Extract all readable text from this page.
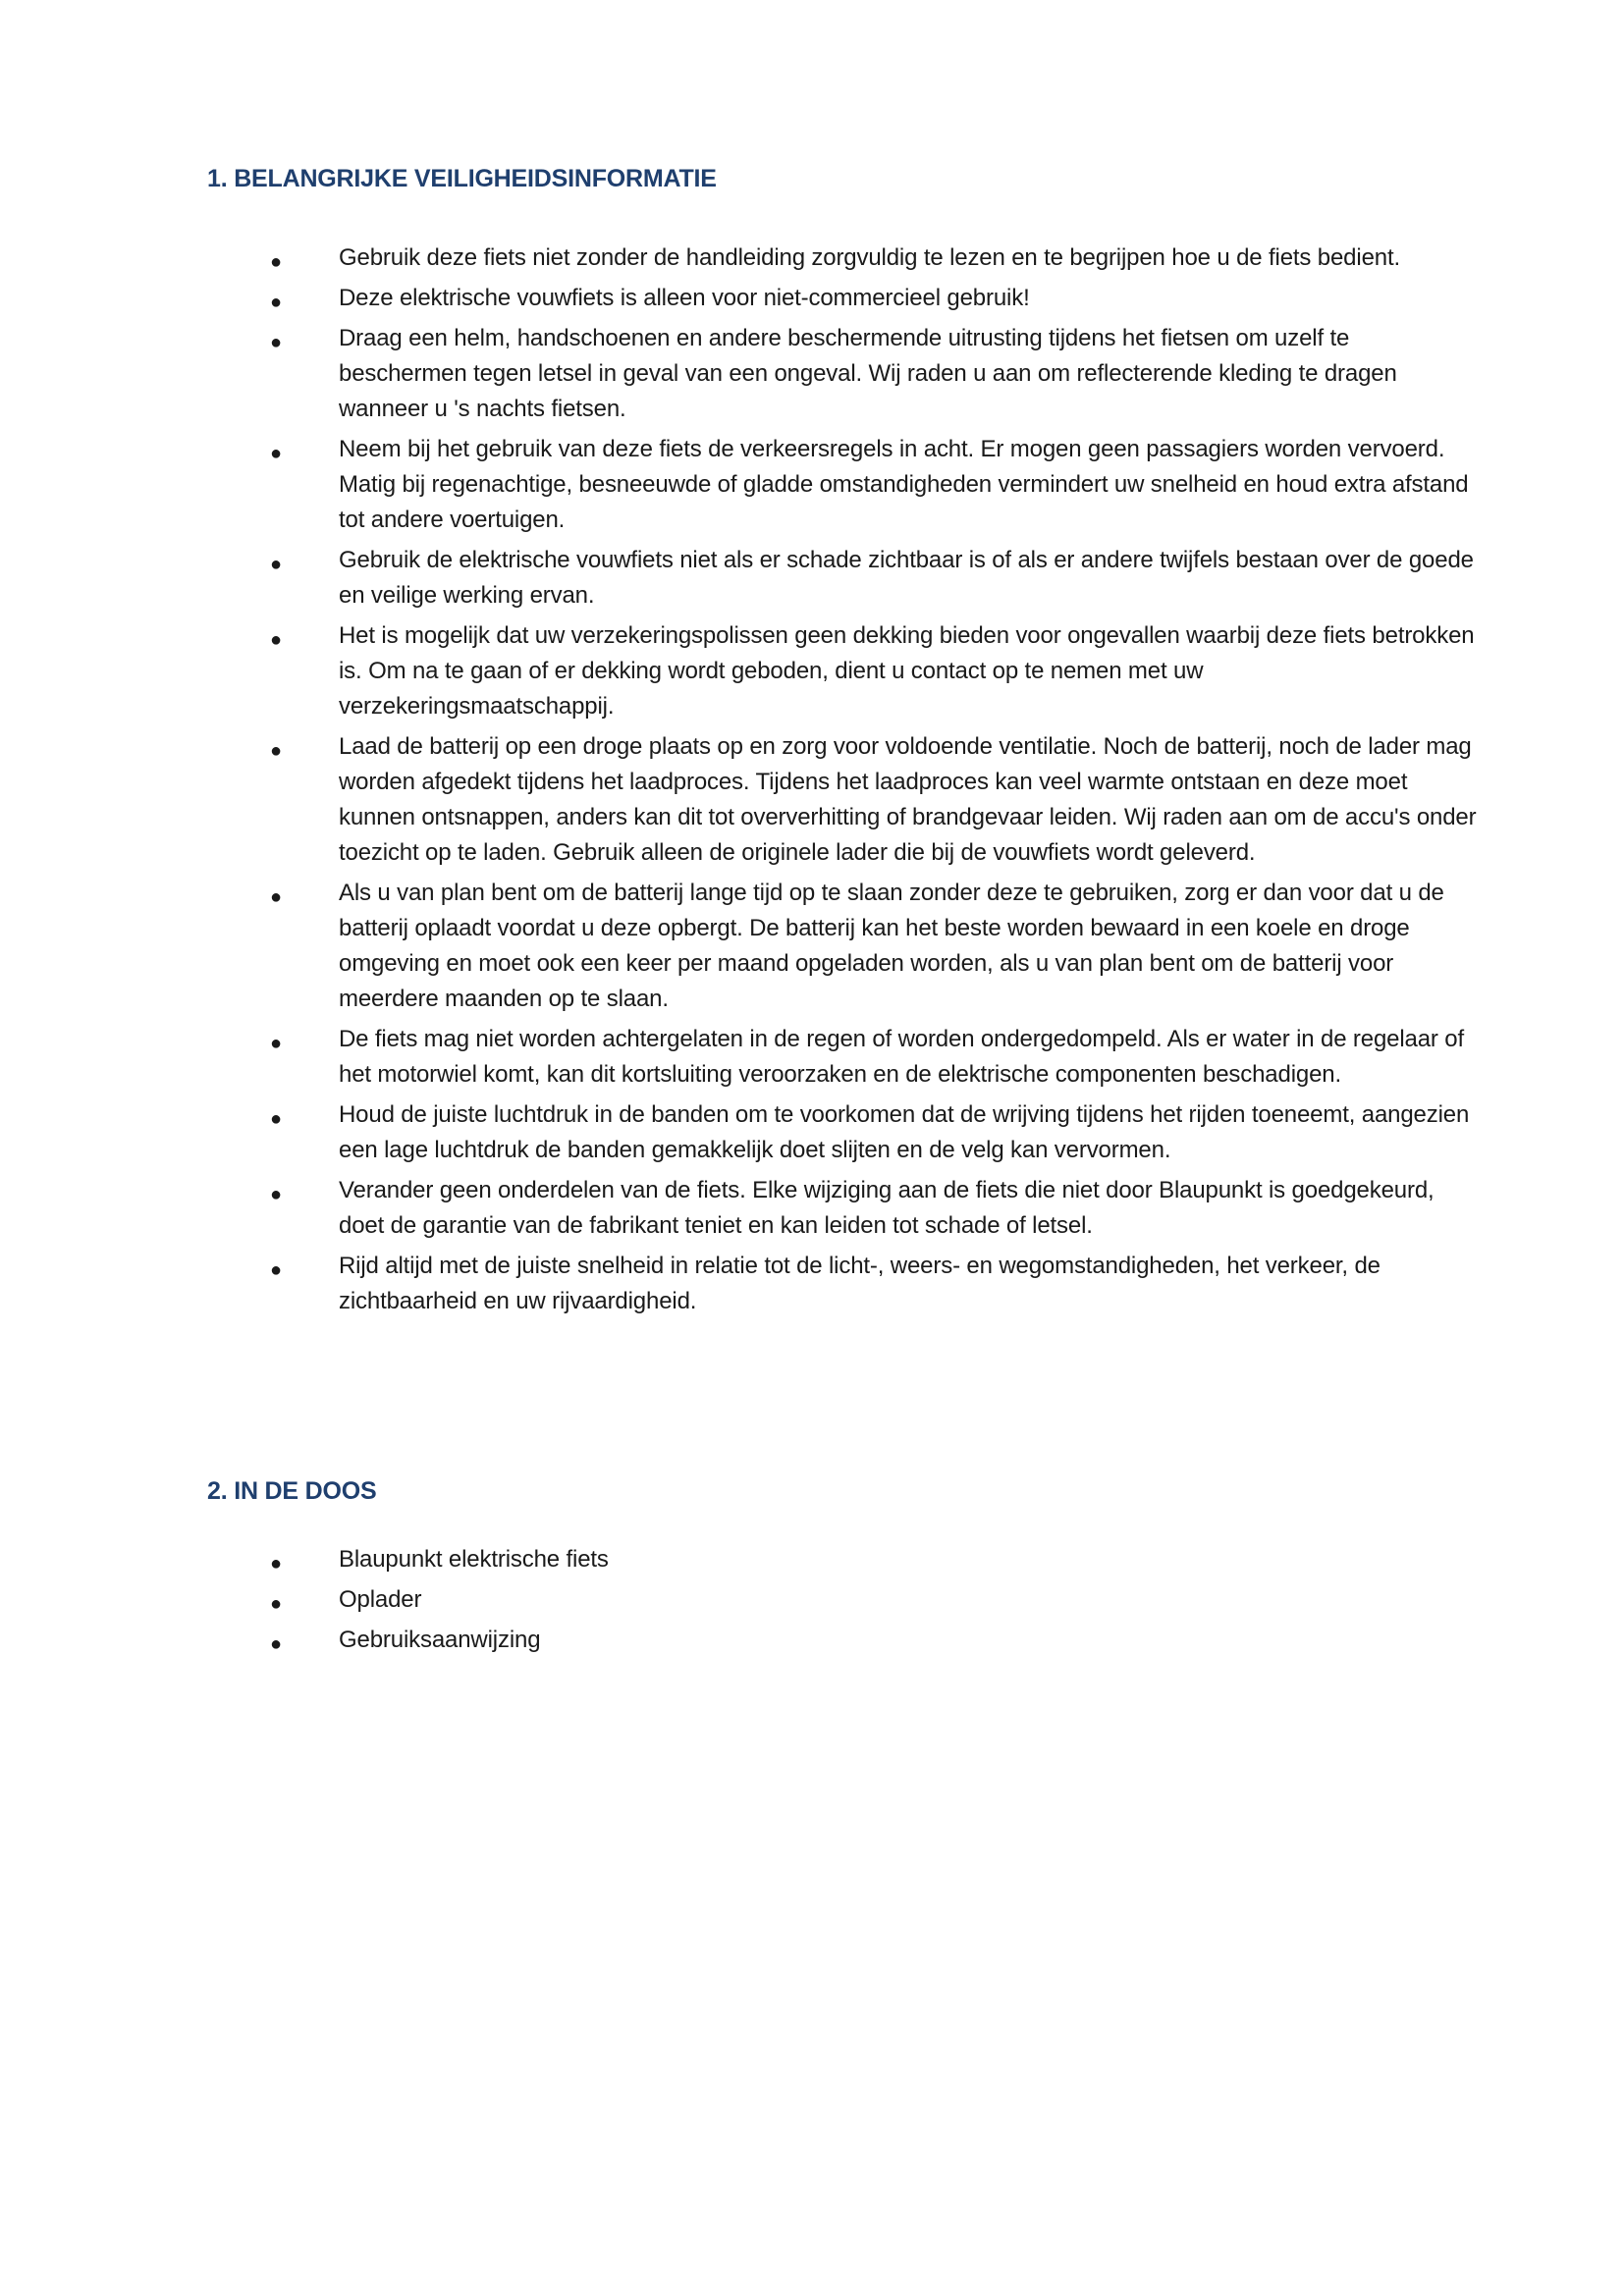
1. BELANGRIJKE VEILIGHEIDSINFORMATIE
● Gebruik deze fiets niet zonder de handleiding zorgvuldig te lezen en te begrijpen hoe u de fiets bedient.
● Deze elektrische vouwfiets is alleen voor niet-commercieel gebruik!
● Draag een helm, handschoenen en andere beschermende uitrusting tijdens het fietsen om uzelf te beschermen tegen letsel in geval van een ongeval. Wij raden u aan om reflecterende kleding te dragen wanneer u 's nachts fietsen.
● Neem bij het gebruik van deze fiets de verkeersregels in acht. Er mogen geen passagiers worden vervoerd. Matig bij regenachtige, besneeuwde of gladde omstandigheden vermindert uw snelheid en houd extra afstand tot andere voertuigen.
● Gebruik de elektrische vouwfiets niet als er schade zichtbaar is of als er andere twijfels bestaan over de goede en veilige werking ervan.
● Het is mogelijk dat uw verzekeringspolissen geen dekking bieden voor ongevallen waarbij deze fiets betrokken is. Om na te gaan of er dekking wordt geboden, dient u contact op te nemen met uw verzekeringsmaatschappij.
● Laad de batterij op een droge plaats op en zorg voor voldoende ventilatie. Noch de batterij, noch de lader mag worden afgedekt tijdens het laadproces. Tijdens het laadproces kan veel warmte ontstaan en deze moet kunnen ontsnappen, anders kan dit tot oververhitting of brandgevaar leiden. Wij raden aan om de accu's onder toezicht op te laden. Gebruik alleen de originele lader die bij de vouwfiets wordt geleverd.
● Als u van plan bent om de batterij lange tijd op te slaan zonder deze te gebruiken, zorg er dan voor dat u de batterij oplaadt voordat u deze opbergt. De batterij kan het beste worden bewaard in een koele en droge omgeving en moet ook een keer per maand opgeladen worden, als u van plan bent om de batterij voor meerdere maanden op te slaan.
● De fiets mag niet worden achtergelaten in de regen of worden ondergedompeld. Als er water in de regelaar of het motorwiel komt, kan dit kortsluiting veroorzaken en de elektrische componenten beschadigen.
● Houd de juiste luchtdruk in de banden om te voorkomen dat de wrijving tijdens het rijden toeneemt, aangezien een lage luchtdruk de banden gemakkelijk doet slijten en de velg kan vervormen.
● Verander geen onderdelen van de fiets. Elke wijziging aan de fiets die niet door Blaupunkt is goedgekeurd, doet de garantie van de fabrikant teniet en kan leiden tot schade of letsel.
● Rijd altijd met de juiste snelheid in relatie tot de licht-, weers- en wegomstandigheden, het verkeer, de zichtbaarheid en uw rijvaardigheid.
2. IN DE DOOS
● Blaupunkt elektrische fiets
● Oplader
● Gebruiksaanwijzing
